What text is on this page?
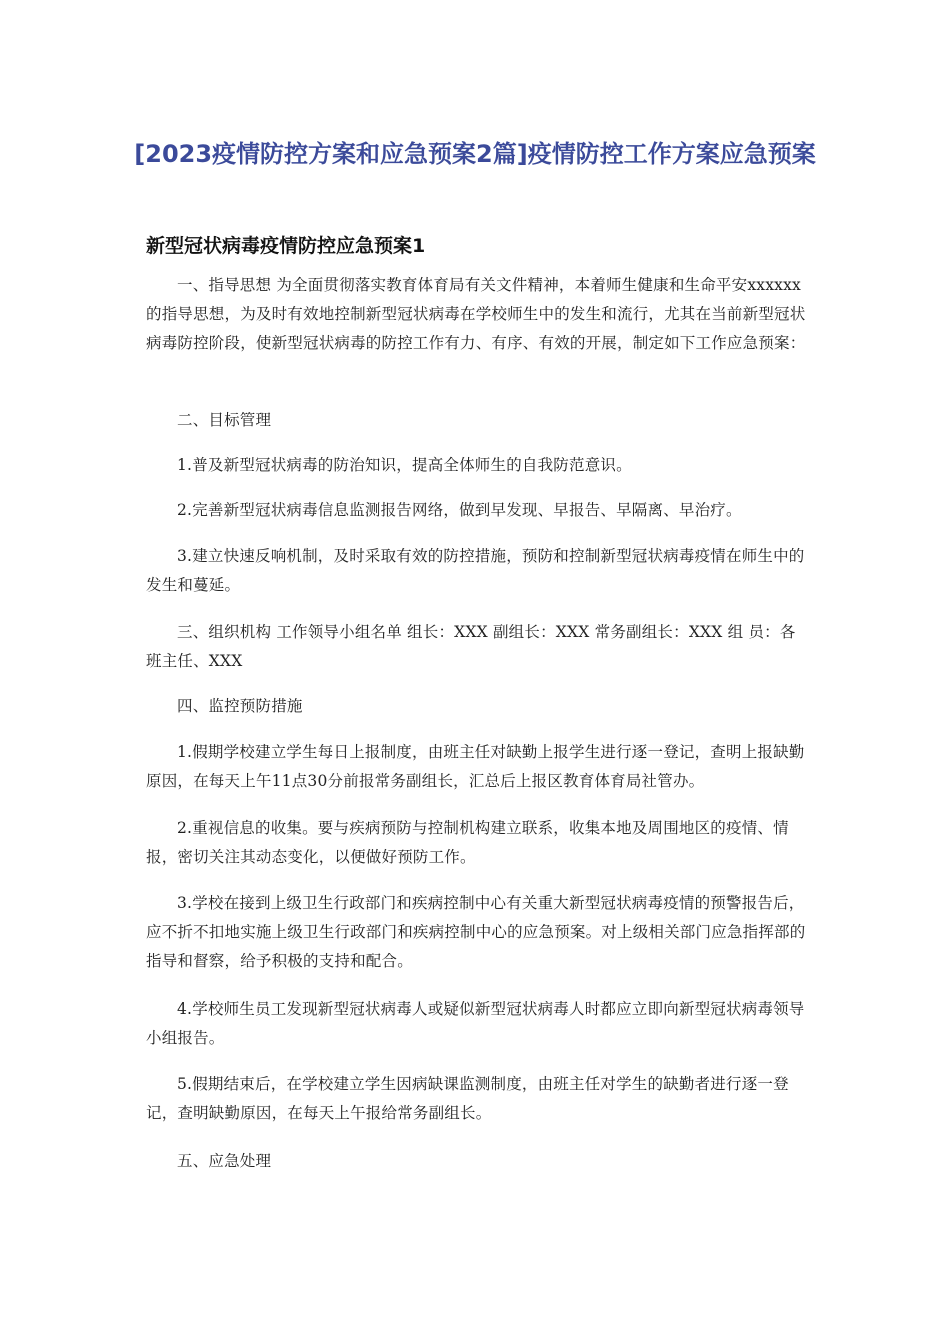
[2023疫情防控方案和应急预案2篇]疫情防控工作方案应急预案
新型冠状病毒疫情防控应急预案1

一、指导思想 为全面贯彻落实教育体育局有关文件精神，本着师生健康和生命平安xxxxxx的指导思想，为及时有效地控制新型冠状病毒在学校师生中的发生和流行，尤其在当前新型冠状病毒防控阶段，使新型冠状病毒的防控工作有力、有序、有效的开展，制定如下工作应急预案：

二、目标管理

1.普及新型冠状病毒的防治知识，提高全体师生的自我防范意识。

2.完善新型冠状病毒信息监测报告网络，做到早发现、早报告、早隔离、早治疗。

3.建立快速反响机制，及时采取有效的防控措施，预防和控制新型冠状病毒疫情在师生中的发生和蔓延。

三、组织机构 工作领导小组名单 组长：XXX 副组长：XXX 常务副组长：XXX 组 员：各班主任、XXX

四、监控预防措施

1.假期学校建立学生每日上报制度，由班主任对缺勤上报学生进行逐一登记，查明上报缺勤原因，在每天上午11点30分前报常务副组长，汇总后上报区教育体育局社管办。

2.重视信息的收集。要与疾病预防与控制机构建立联系，收集本地及周围地区的疫情、情报，密切关注其动态变化，以便做好预防工作。

3.学校在接到上级卫生行政部门和疾病控制中心有关重大新型冠状病毒疫情的预警报告后，应不折不扣地实施上级卫生行政部门和疾病控制中心的应急预案。对上级相关部门应急指挥部的指导和督察，给予积极的支持和配合。

4.学校师生员工发现新型冠状病毒人或疑似新型冠状病毒人时都应立即向新型冠状病毒领导小组报告。

5.假期结束后，在学校建立学生因病缺课监测制度，由班主任对学生的缺勤者进行逐一登记，查明缺勤原因，在每天上午报给常务副组长。

五、应急处理
